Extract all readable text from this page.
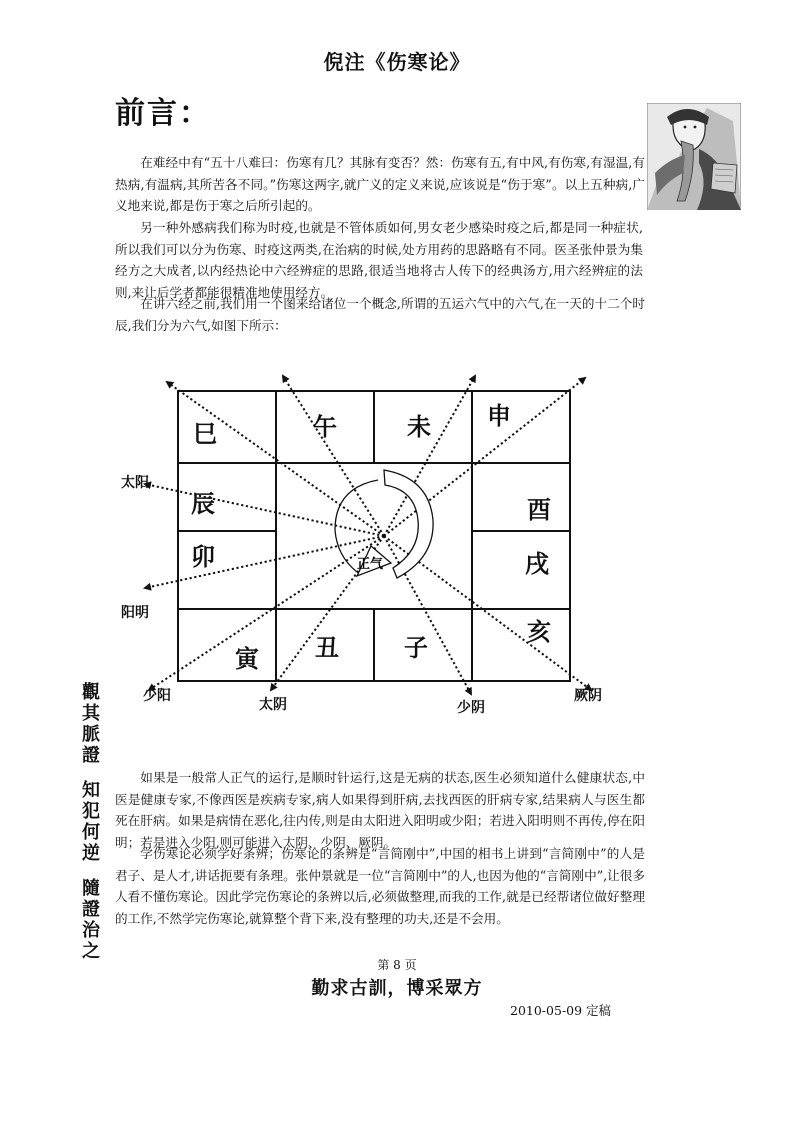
倪注《伤寒论》
前言：
在难经中有“五十八难曰：伤寒有几？其脉有变否？然：伤寒有五,有中风,有伤寒,有湿温,有热病,有温病,其所苦各不同。”伤寒这两字,就广义的定义来说,应该说是“伤于寒”。以上五种病,广义地来说,都是伤于寒之后所引起的。
另一种外感病我们称为时疫,也就是不管体质如何,男女老少感染时疫之后,都是同一种症状,所以我们可以分为伤寒、时疫这两类,在治病的时候,处方用药的思路略有不同。医圣张仲景为集经方之大成者,以内经热论中六经辨症的思路,很适当地将古人传下的经典汤方,用六经辨症的法则,来让后学者都能很精准地使用经方。
在讲六经之前,我们用一个图来给诸位一个概念,所谓的五运六气中的六气,在一天的十二个时辰,我们分为六气,如图下所示：
正气
巳	午	未 申
辰	酉
卯	戌
寅 丑	子
亥
太阳
阳明
少阳
太阴	少阴
厥阴
觀
其
脈
證
知
犯
何
逆
隨
證
治
之
如果是一般常人正气的运行,是顺时针运行,这是无病的状态,医生必须知道什么健康状态,中医是健康专家,不像西医是疾病专家,病人如果得到肝病,去找西医的肝病专家,结果病人与医生都死在肝病。如果是病情在恶化,往内传,则是由太阳进入阳明或少阳；若进入阳明则不再传,停在阳明；若是进入少阳,则可能进入太阴、少阴、厥阴。
学伤寒论必须学好条辨；伤寒论的条辨是“言简刚中”,中国的相书上讲到“言简刚中”的人是君子、是人才,讲话扼要有条理。张仲景就是一位“言简刚中”的人,也因为他的“言简刚中”,让很多人看不懂伤寒论。因此学完伤寒论的条辨以后,必须做整理,而我的工作,就是已经帮诸位做好整理的工作,不然学完伤寒论,就算整个背下来,没有整理的功夫,还是不会用。
第 8 页
勤求古訓，博采眾方
2010-05-09 定稿
